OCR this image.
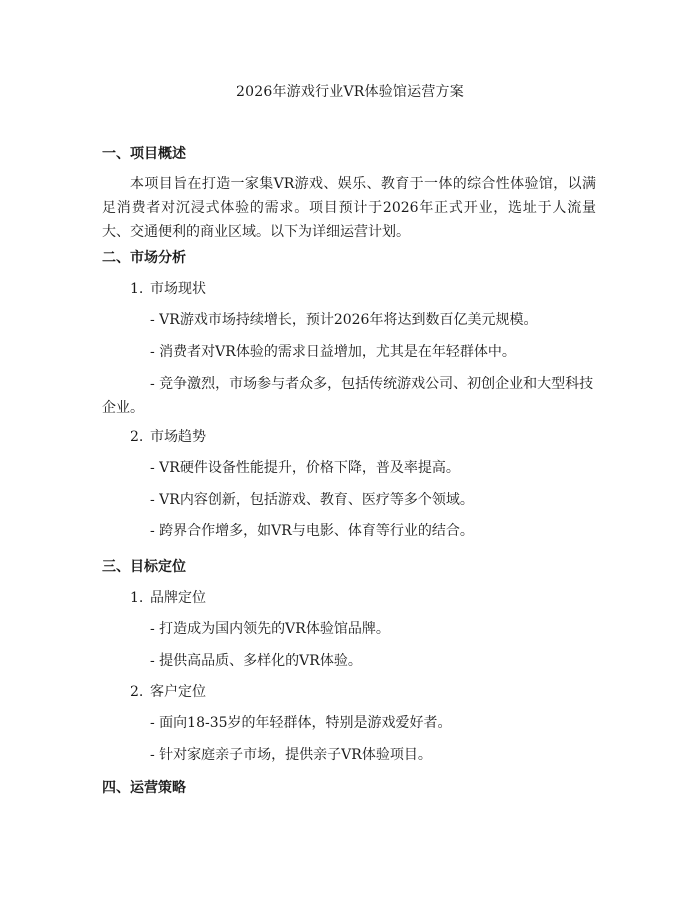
2026年游戏行业VR体验馆运营方案
一、项目概述

本项目旨在打造一家集VR游戏、娱乐、教育于一体的综合性体验馆，以满足消费者对沉浸式体验的需求。项目预计于2026年正式开业，选址于人流量大、交通便利的商业区域。以下为详细运营计划。

二、市场分析
1. 市场现状

- VR游戏市场持续增长，预计2026年将达到数百亿美元规模。

- 消费者对VR体验的需求日益增加，尤其是在年轻群体中。

- 竞争激烈，市场参与者众多，包括传统游戏公司、初创企业和大型科技企业。

2. 市场趋势

- VR硬件设备性能提升，价格下降，普及率提高。

- VR内容创新，包括游戏、教育、医疗等多个领域。

- 跨界合作增多，如VR与电影、体育等行业的结合。

三、目标定位
1. 品牌定位

- 打造成为国内领先的VR体验馆品牌。

- 提供高品质、多样化的VR体验。

2. 客户定位

- 面向18-35岁的年轻群体，特别是游戏爱好者。

- 针对家庭亲子市场，提供亲子VR体验项目。

四、运营策略
